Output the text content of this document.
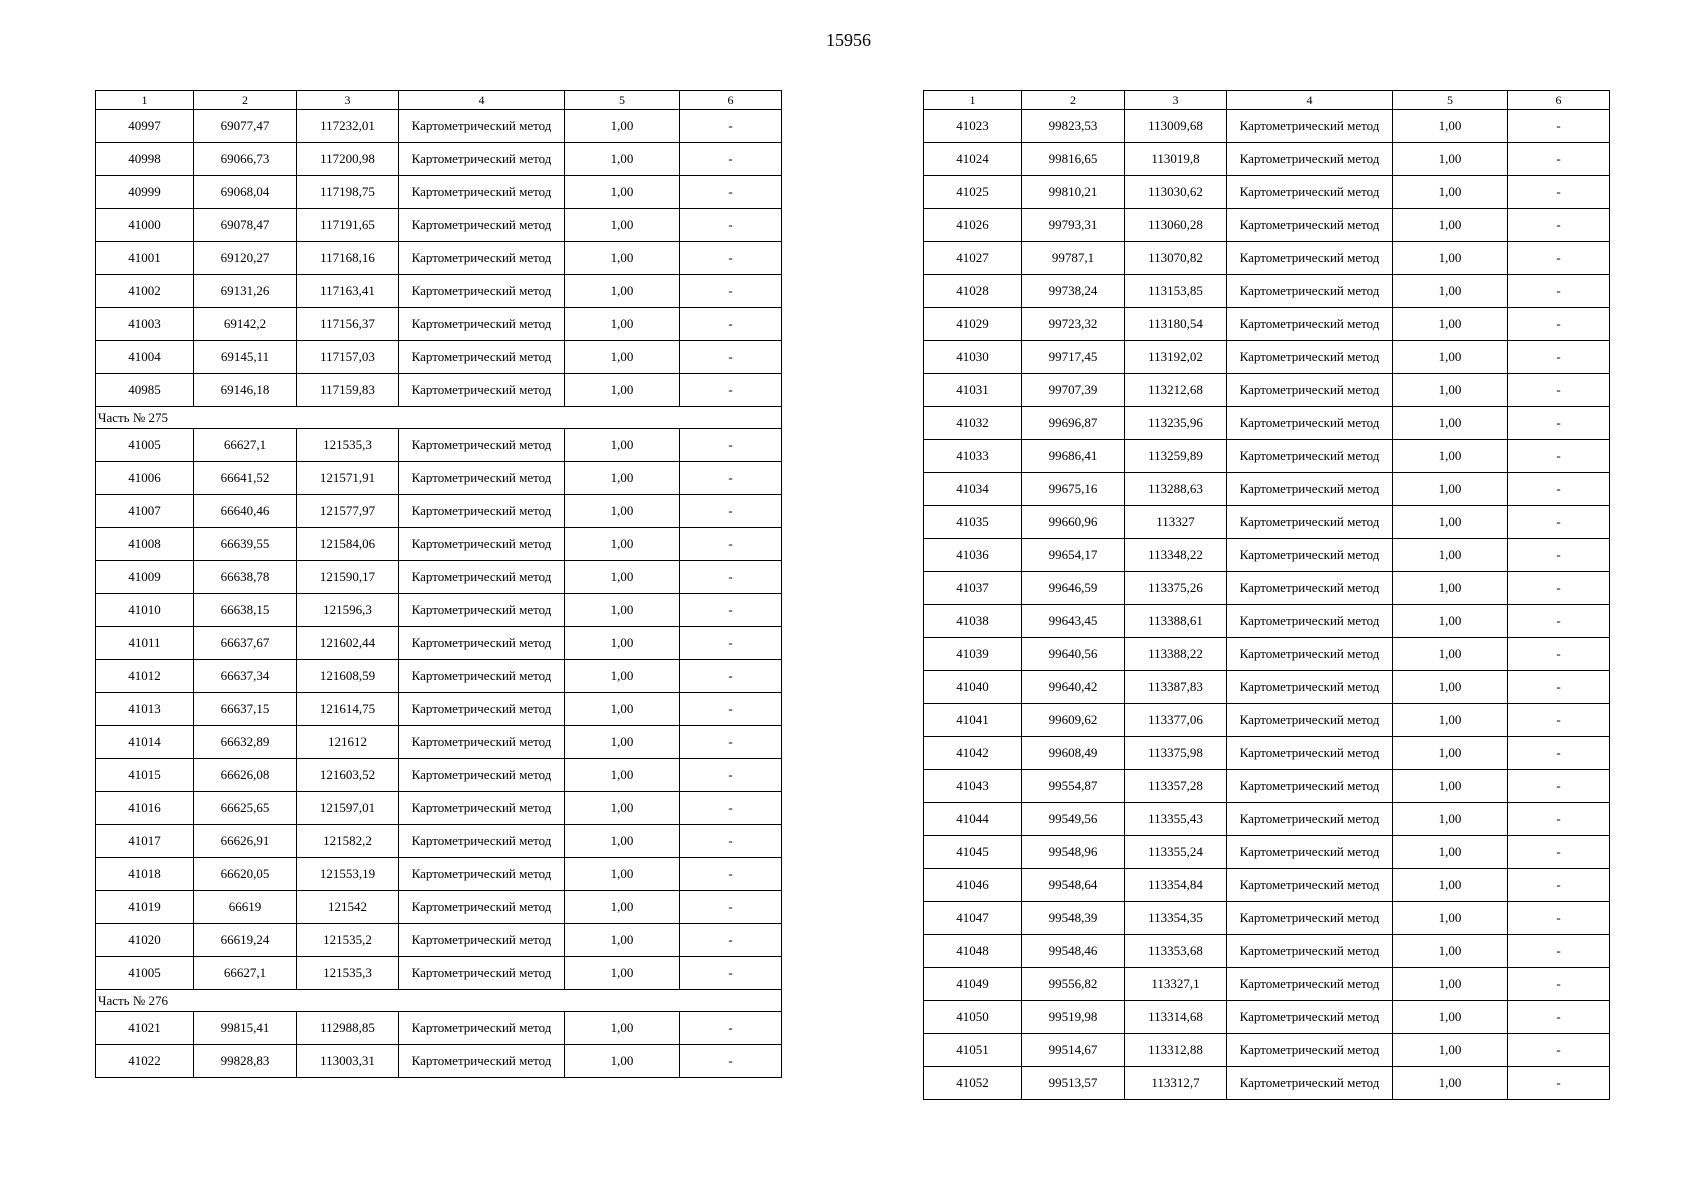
15956
1	2	3	4	5	6
40997	69077,47	117232,01	Картометрический метод	1,00	-
40998	69066,73	117200,98	Картометрический метод	1,00	-
40999	69068,04	117198,75	Картометрический метод	1,00	-
41000	69078,47	117191,65	Картометрический метод	1,00	-
41001	69120,27	117168,16	Картометрический метод	1,00	-
41002	69131,26	117163,41	Картометрический метод	1,00	-
41003	69142,2	117156,37	Картометрический метод	1,00	-
41004	69145,11	117157,03	Картометрический метод	1,00	-
40985	69146,18	117159,83	Картометрический метод	1,00	-
Часть № 275					
41005	66627,1	121535,3	Картометрический метод	1,00	-
41006	66641,52	121571,91	Картометрический метод	1,00	-
41007	66640,46	121577,97	Картометрический метод	1,00	-
41008	66639,55	121584,06	Картометрический метод	1,00	-
41009	66638,78	121590,17	Картометрический метод	1,00	-
41010	66638,15	121596,3	Картометрический метод	1,00	-
41011	66637,67	121602,44	Картометрический метод	1,00	-
41012	66637,34	121608,59	Картометрический метод	1,00	-
41013	66637,15	121614,75	Картометрический метод	1,00	-
41014	66632,89	121612	Картометрический метод	1,00	-
41015	66626,08	121603,52	Картометрический метод	1,00	-
41016	66625,65	121597,01	Картометрический метод	1,00	-
41017	66626,91	121582,2	Картометрический метод	1,00	-
41018	66620,05	121553,19	Картометрический метод	1,00	-
41019	66619	121542	Картометрический метод	1,00	-
41020	66619,24	121535,2	Картометрический метод	1,00	-
41005	66627,1	121535,3	Картометрический метод	1,00	-
Часть № 276					
41021	99815,41	112988,85	Картометрический метод	1,00	-
41022	99828,83	113003,31	Картометрический метод	1,00	-
1	2	3	4	5	6
41023	99823,53	113009,68	Картометрический метод	1,00	-
41024	99816,65	113019,8	Картометрический метод	1,00	-
41025	99810,21	113030,62	Картометрический метод	1,00	-
41026	99793,31	113060,28	Картометрический метод	1,00	-
41027	99787,1	113070,82	Картометрический метод	1,00	-
41028	99738,24	113153,85	Картометрический метод	1,00	-
41029	99723,32	113180,54	Картометрический метод	1,00	-
41030	99717,45	113192,02	Картометрический метод	1,00	-
41031	99707,39	113212,68	Картометрический метод	1,00	-
41032	99696,87	113235,96	Картометрический метод	1,00	-
41033	99686,41	113259,89	Картометрический метод	1,00	-
41034	99675,16	113288,63	Картометрический метод	1,00	-
41035	99660,96	113327	Картометрический метод	1,00	-
41036	99654,17	113348,22	Картометрический метод	1,00	-
41037	99646,59	113375,26	Картометрический метод	1,00	-
41038	99643,45	113388,61	Картометрический метод	1,00	-
41039	99640,56	113388,22	Картометрический метод	1,00	-
41040	99640,42	113387,83	Картометрический метод	1,00	-
41041	99609,62	113377,06	Картометрический метод	1,00	-
41042	99608,49	113375,98	Картометрический метод	1,00	-
41043	99554,87	113357,28	Картометрический метод	1,00	-
41044	99549,56	113355,43	Картометрический метод	1,00	-
41045	99548,96	113355,24	Картометрический метод	1,00	-
41046	99548,64	113354,84	Картометрический метод	1,00	-
41047	99548,39	113354,35	Картометрический метод	1,00	-
41048	99548,46	113353,68	Картометрический метод	1,00	-
41049	99556,82	113327,1	Картометрический метод	1,00	-
41050	99519,98	113314,68	Картометрический метод	1,00	-
41051	99514,67	113312,88	Картометрический метод	1,00	-
41052	99513,57	113312,7	Картометрический метод	1,00	-
